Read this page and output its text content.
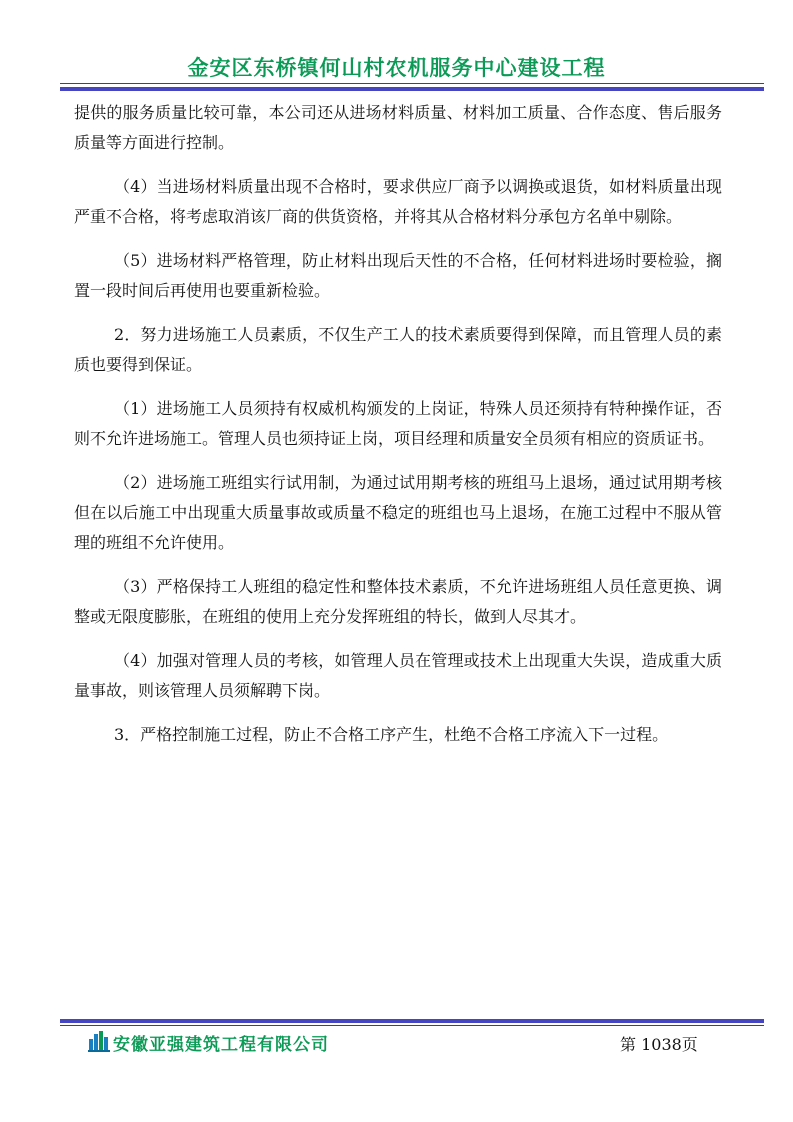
金安区东桥镇何山村农机服务中心建设工程

提供的服务质量比较可靠，本公司还从进场材料质量、材料加工质量、合作态度、售后服务质量等方面进行控制。

（4）当进场材料质量出现不合格时，要求供应厂商予以调换或退货，如材料质量出现严重不合格，将考虑取消该厂商的供货资格，并将其从合格材料分承包方名单中剔除。

（5）进场材料严格管理，防止材料出现后天性的不合格，任何材料进场时要检验，搁置一段时间后再使用也要重新检验。

2．努力进场施工人员素质，不仅生产工人的技术素质要得到保障，而且管理人员的素质也要得到保证。

（1）进场施工人员须持有权威机构颁发的上岗证，特殊人员还须持有特种操作证，否则不允许进场施工。管理人员也须持证上岗，项目经理和质量安全员须有相应的资质证书。

（2）进场施工班组实行试用制，为通过试用期考核的班组马上退场，通过试用期考核但在以后施工中出现重大质量事故或质量不稳定的班组也马上退场，在施工过程中不服从管理的班组不允许使用。

（3）严格保持工人班组的稳定性和整体技术素质，不允许进场班组人员任意更换、调整或无限度膨胀，在班组的使用上充分发挥班组的特长，做到人尽其才。

（4）加强对管理人员的考核，如管理人员在管理或技术上出现重大失误，造成重大质量事故，则该管理人员须解聘下岗。

3．严格控制施工过程，防止不合格工序产生，杜绝不合格工序流入下一过程。

安徽亚强建筑工程有限公司	第 1038页
